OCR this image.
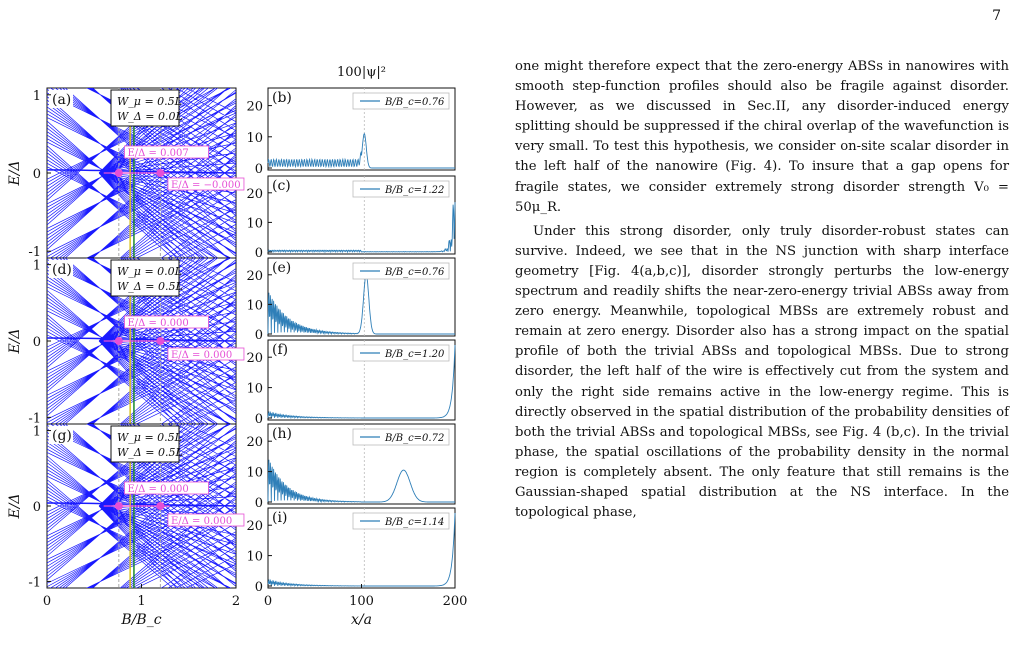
7
E/Δ = 0.007
E/Δ = −0.000
W_μ = 0.5L
W_Δ = 0.0L
(a)
1
0
-1
E/Δ
E/Δ = 0.000
E/Δ = 0.000
W_μ = 0.0L
W_Δ = 0.5L
(d)
1
0
-1
E/Δ
E/Δ = 0.000
E/Δ = 0.000
W_μ = 0.5L
W_Δ = 0.5L
(g)
1
0
-1
E/Δ
0	1	2
B/B_c
B/B_c=0.76
(b)
20
10
0
B/B_c=1.22
(c)
20
10
0
B/B_c=0.76
(e)
20
10
0
B/B_c=1.20
(f)
20
10
0
B/B_c=0.72
(h)
20
10
0
B/B_c=1.14
(i)
20
10
0
0	100	200
x/a
100|ψ|²	one might therefore expect that the zero-energy ABSs in nanowires with smooth step-function profiles should also be fragile against disorder. However, as we discussed in Sec.II, any disorder-induced energy splitting should be suppressed if the chiral overlap of the wavefunction is very small. To test this hypothesis, we consider on-site scalar disorder in the left half of the nanowire (Fig. 4). To insure that a gap opens for fragile states, we consider extremely strong disorder strength V₀ = 50μ_R.

Under this strong disorder, only truly disorder-robust states can survive. Indeed, we see that in the NS junction with sharp interface geometry [Fig. 4(a,b,c)], disorder strongly perturbs the low-energy spectrum and readily shifts the near-zero-energy trivial ABSs away from zero energy. Meanwhile, topological MBSs are extremely robust and remain at zero energy. Disorder also has a strong impact on the spatial profile of both the trivial ABSs and topological MBSs. Due to strong disorder, the left half of the wire is effectively cut from the system and only the right side remains active in the low-energy regime. This is directly observed in the spatial distribution of the probability densities of both the trivial ABSs and topological MBSs, see Fig. 4 (b,c). In the trivial phase, the spatial oscillations of the probability density in the normal region is completely absent. The only feature that still remains is the Gaussian-shaped spatial distribution at the NS interface. In the topological phase,
